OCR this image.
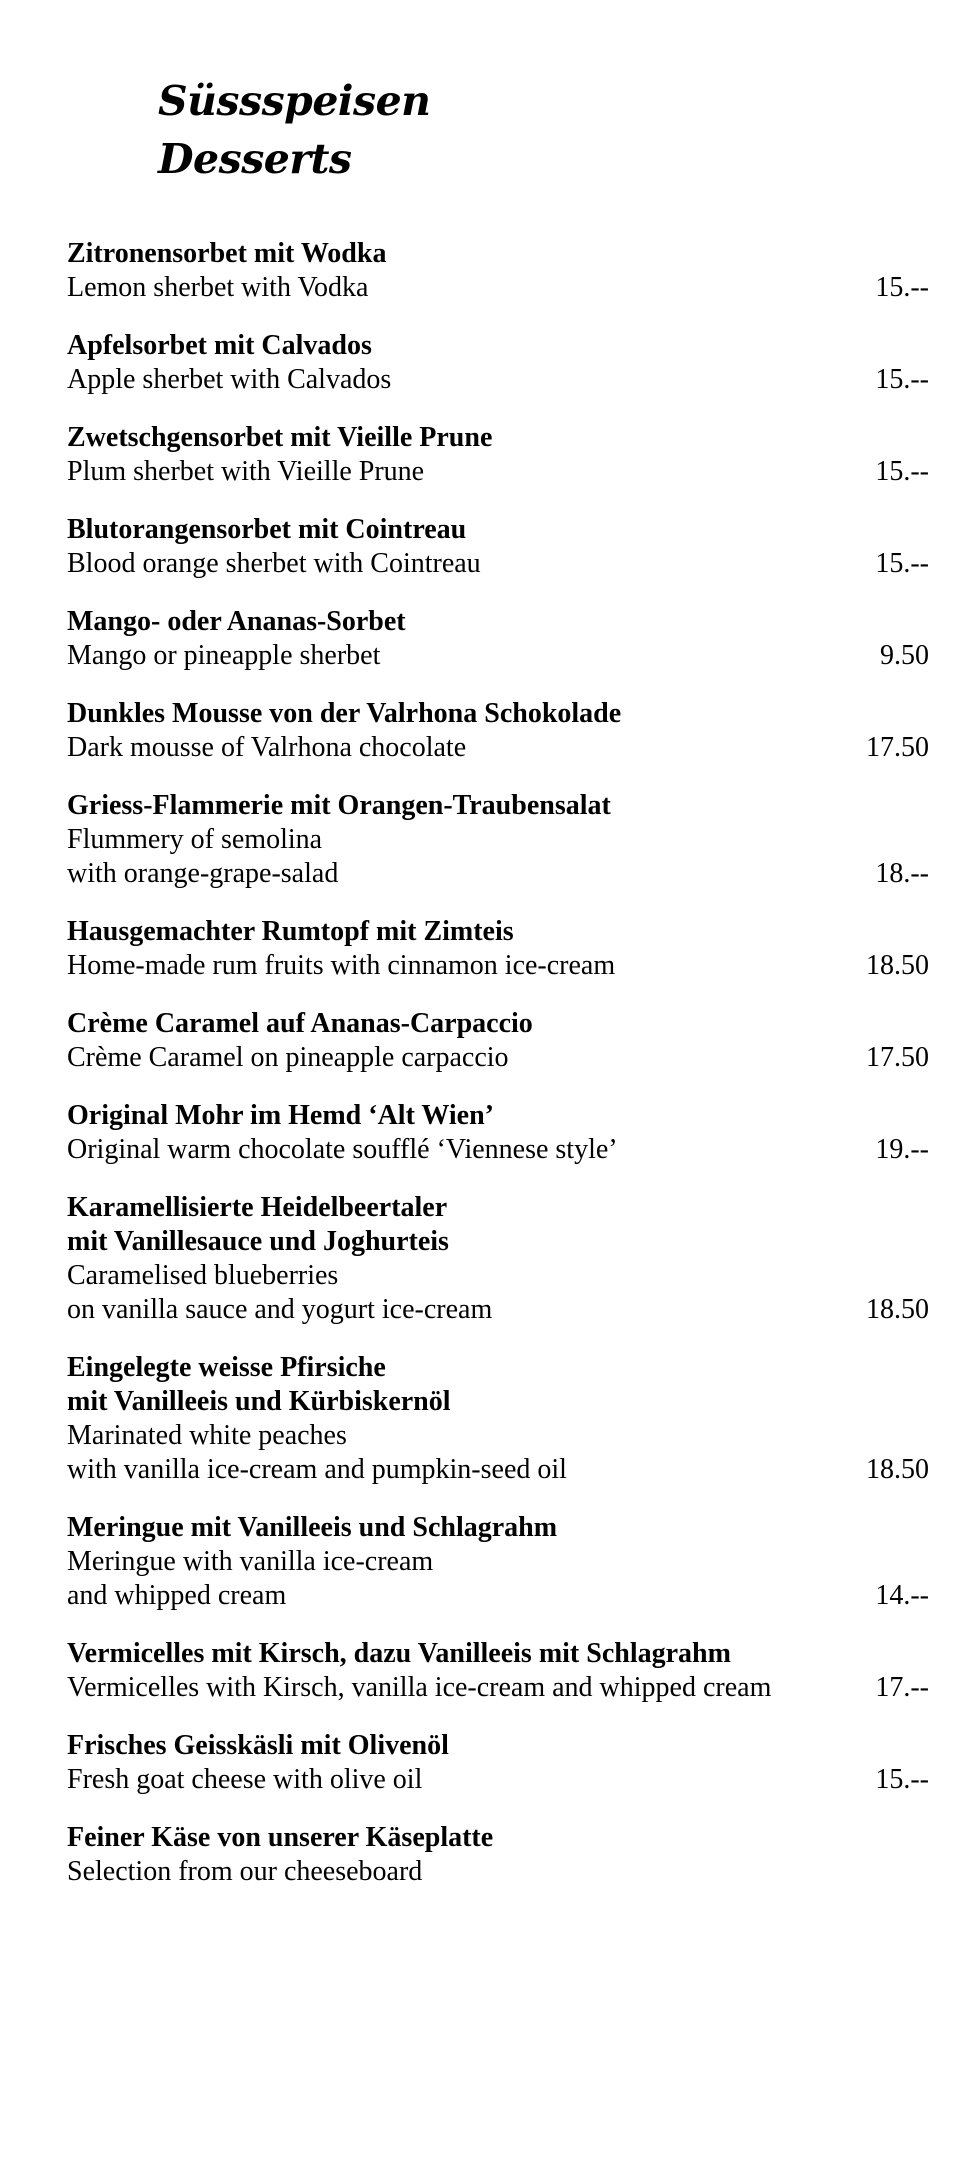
Süssspeisen
Desserts
Zitronensorbet mit Wodka
Lemon sherbet with Vodka	15.--
Apfelsorbet mit Calvados
Apple sherbet with Calvados	15.--
Zwetschgensorbet mit Vieille Prune
Plum sherbet with Vieille Prune	15.--
Blutorangensorbet mit Cointreau
Blood orange sherbet with Cointreau	15.--
Mango- oder Ananas-Sorbet
Mango or pineapple sherbet	9.50
Dunkles Mousse von der Valrhona Schokolade
Dark mousse of Valrhona chocolate	17.50
Griess-Flammerie mit Orangen-Traubensalat
Flummery of semolina
with orange-grape-salad	18.--
Hausgemachter Rumtopf mit Zimteis
Home-made rum fruits with cinnamon ice-cream	18.50
Crème Caramel auf Ananas-Carpaccio
Crème Caramel on pineapple carpaccio	17.50
Original Mohr im Hemd ‘Alt Wien’
Original warm chocolate soufflé ‘Viennese style’	19.--
Karamellisierte Heidelbeertaler
mit Vanillesauce und Joghurteis
Caramelised blueberries
on vanilla sauce and yogurt ice-cream	18.50
Eingelegte weisse Pfirsiche
mit Vanilleeis und Kürbiskernöl
Marinated white peaches
with vanilla ice-cream and pumpkin-seed oil	18.50
Meringue mit Vanilleeis und Schlagrahm
Meringue with vanilla ice-cream
and whipped cream	14.--
Vermicelles mit Kirsch, dazu Vanilleeis mit Schlagrahm
Vermicelles with Kirsch, vanilla ice-cream and whipped cream	17.--
Frisches Geisskäsli mit Olivenöl
Fresh goat cheese with olive oil	15.--
Feiner Käse von unserer Käseplatte
Selection from our cheeseboard
